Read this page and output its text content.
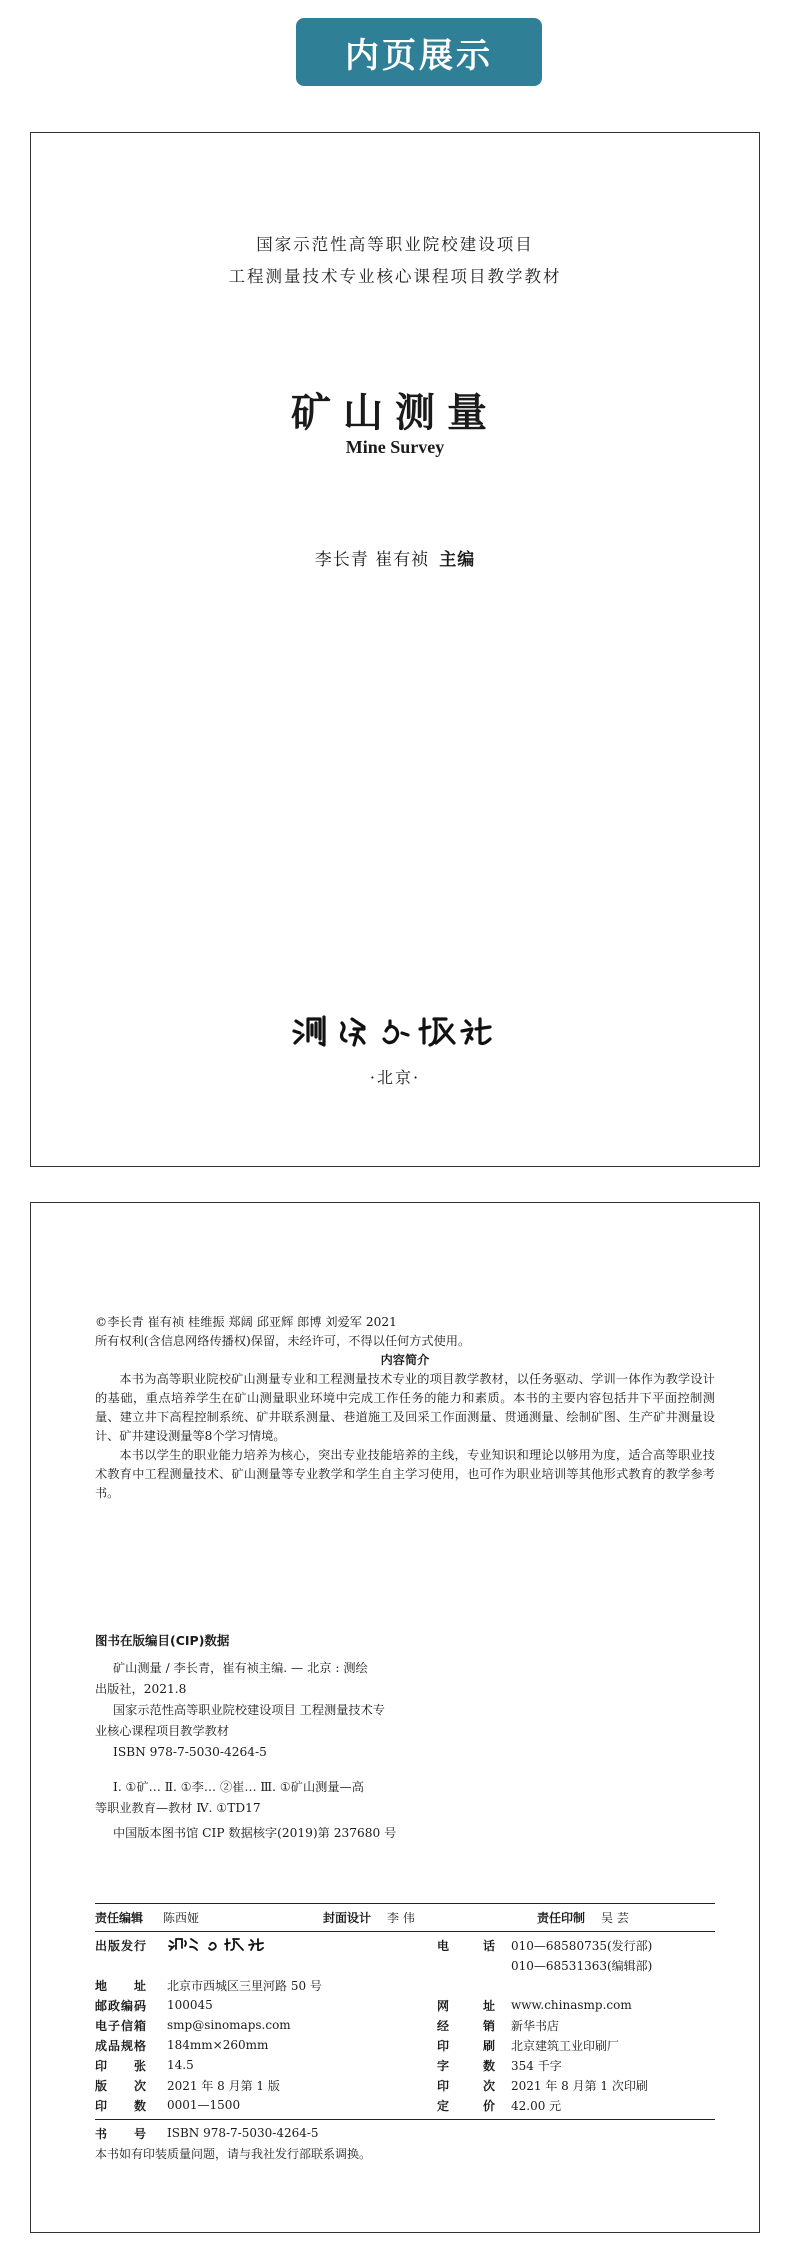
内页展示
国家示范性高等职业院校建设项目
工程测量技术专业核心课程项目教学教材
矿山测量
Mine Survey
李长青 崔有祯 主编
·北京·

©李长青 崔有祯 桂维振 郑阔 邱亚辉 郎博 刘爱军 2021

所有权利(含信息网络传播权)保留，未经许可，不得以任何方式使用。

内容简介

本书为高等职业院校矿山测量专业和工程测量技术专业的项目教学教材，以任务驱动、学训一体作为教学设计的基础，重点培养学生在矿山测量职业环境中完成工作任务的能力和素质。本书的主要内容包括井下平面控制测量、建立井下高程控制系统、矿井联系测量、巷道施工及回采工作面测量、贯通测量、绘制矿图、生产矿井测量设计、矿井建设测量等8个学习情境。

本书以学生的职业能力培养为核心，突出专业技能培养的主线，专业知识和理论以够用为度，适合高等职业技术教育中工程测量技术、矿山测量等专业教学和学生自主学习使用，也可作为职业培训等其他形式教育的教学参考书。

图书在版编目(CIP)数据

矿山测量 / 李长青，崔有祯主编. — 北京 : 测绘

出版社，2021.8

国家示范性高等职业院校建设项目 工程测量技术专

业核心课程项目教学教材

ISBN 978-7-5030-4264-5

Ⅰ. ①矿… Ⅱ. ①李… ②崔… Ⅲ. ①矿山测量—高

等职业教育—教材 Ⅳ. ①TD17

中国版本图书馆 CIP 数据核字(2019)第 237680 号

责任编辑 陈西娅	封面设计 李 伟	责任印制 吴 芸
出版发行	电话 010—68580735(发行部)
010—68531363(编辑部)
地　　址	北京市西城区三里河路 50 号
邮政编码	100045	网址 www.chinasmp.com
电子信箱	smp@sinomaps.com	经销 新华书店
成品规格	184mm×260mm	印刷 北京建筑工业印刷厂
印　　张	14.5	字数 354 千字
版　　次	2021 年 8 月第 1 版	印次 2021 年 8 月第 1 次印刷
印　　数	0001—1500	定价 42.00 元
书　　号	ISBN 978-7-5030-4264-5
本书如有印装质量问题，请与我社发行部联系调换。
